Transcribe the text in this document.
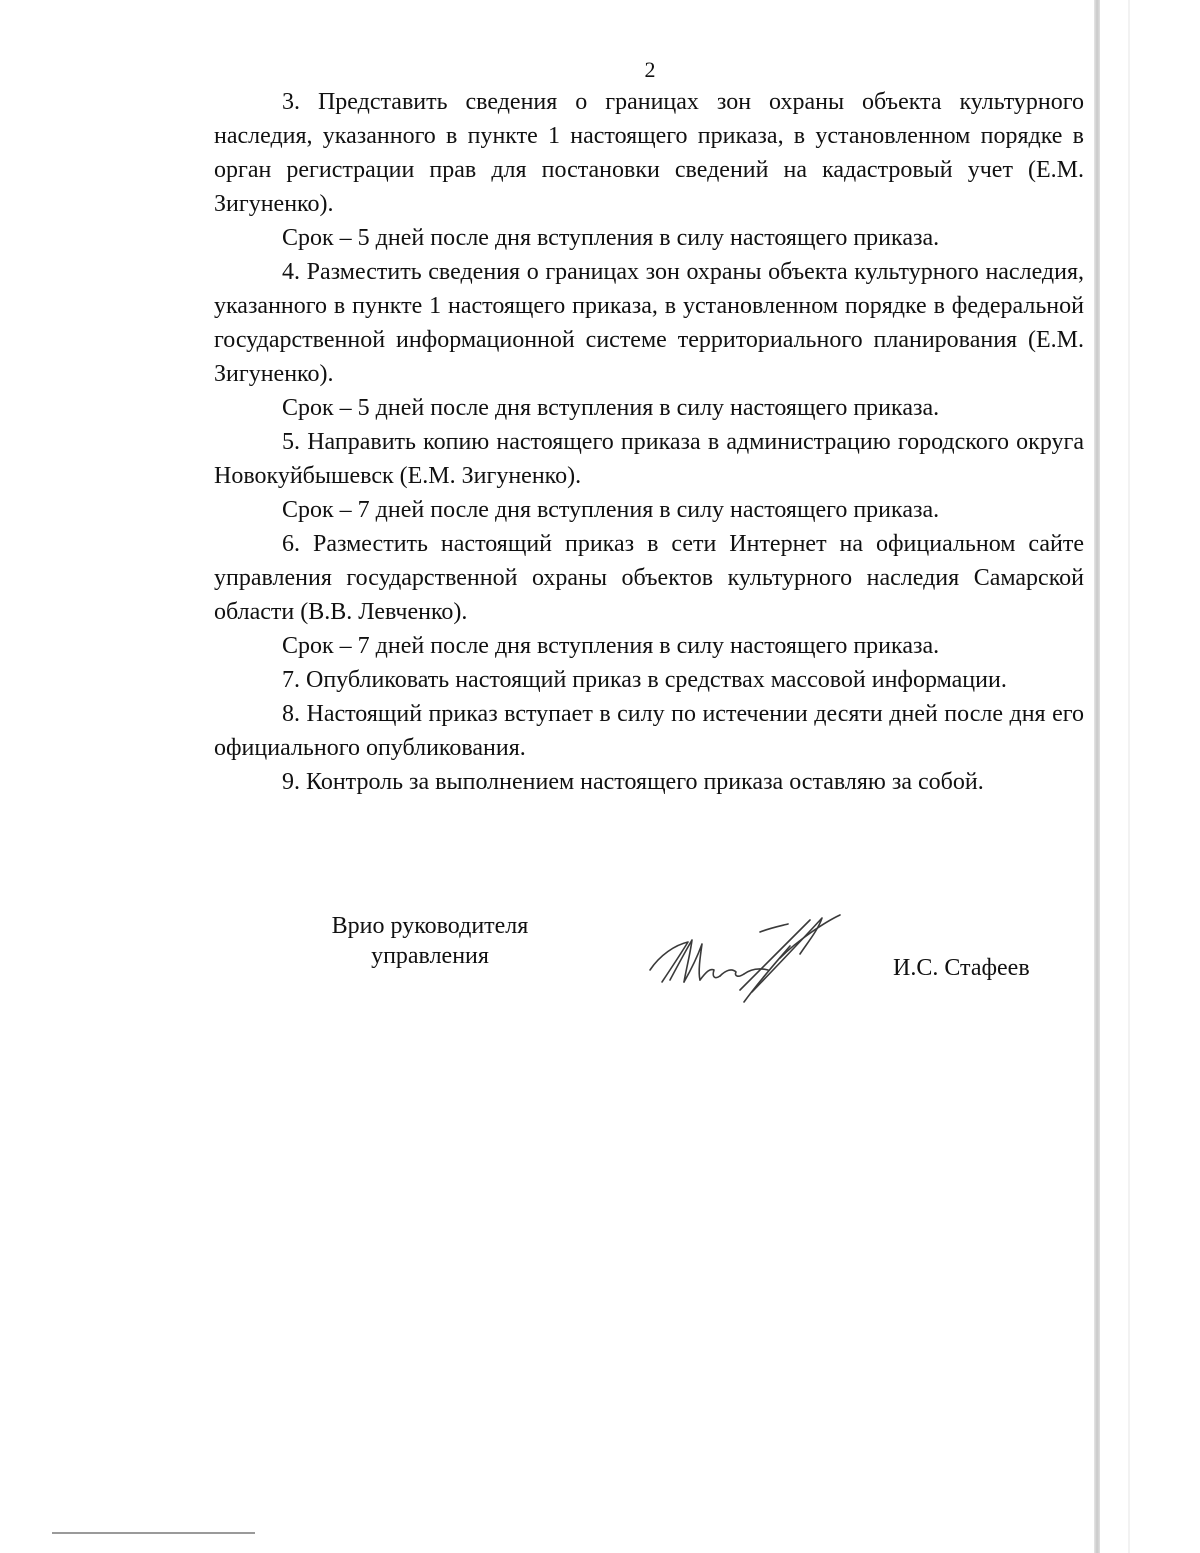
2

3. Представить сведения о границах зон охраны объекта культурного наследия, указанного в пункте 1 настоящего приказа, в установленном порядке в орган регистрации прав для постановки сведений на кадастровый учет (Е.М. Зигуненко).

Срок – 5 дней после дня вступления в силу настоящего приказа.

4. Разместить сведения о границах зон охраны объекта культурного наследия, указанного в пункте 1 настоящего приказа, в установленном порядке в федеральной государственной информационной системе территориального планирования (Е.М. Зигуненко).

Срок – 5 дней после дня вступления в силу настоящего приказа.

5. Направить копию настоящего приказа в администрацию городского округа Новокуйбышевск (Е.М. Зигуненко).

Срок – 7 дней после дня вступления в силу настоящего приказа.

6. Разместить настоящий приказ в сети Интернет на официальном сайте управления государственной охраны объектов культурного наследия Самарской области (В.В. Левченко).

Срок – 7 дней после дня вступления в силу настоящего приказа.

7. Опубликовать настоящий приказ в средствах массовой информации.

8. Настоящий приказ вступает в силу по истечении десяти дней после дня его официального опубликования.

9. Контроль за выполнением настоящего приказа оставляю за собой.

Врио руководителя
управления	И.С. Стафеев
